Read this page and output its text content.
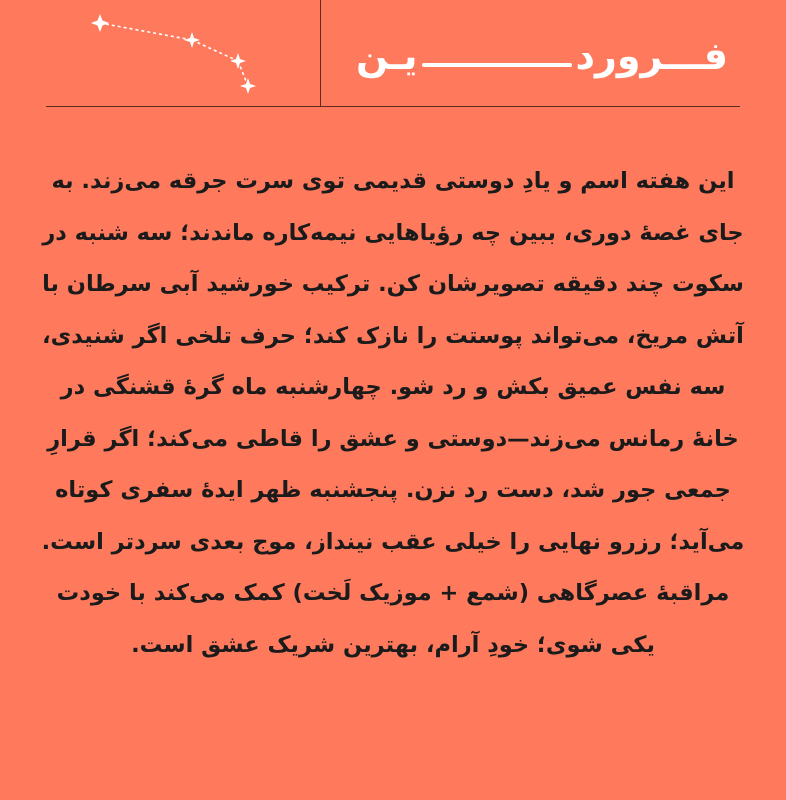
فـــر
ورد
یـن

این هفته اسم و یادِ دوستی قدیمی توی سرت جرقه می‌زند. به جای غصهٔ دوری، ببین چه رؤیاهایی نیمه‌کاره ماندند؛ سه شنبه در سکوت چند دقیقه تصویرشان کن. ترکیب خورشید آبی سرطان با آتش مریخ، می‌تواند پوستت را نازک کند؛ حرف تلخی اگر شنیدی، سه نفس عمیق بکش و رد شو. چهارشنبه ماه گرهٔ قشنگی در خانهٔ رمانس می‌زند—دوستی و عشق را قاطی می‌کند؛ اگر قرارِ جمعی جور شد، دست رد نزن. پنجشنبه ظهر ایدهٔ سفری کوتاه می‌آید؛ رزرو نهایی را خیلی عقب نینداز، موج بعدی سردتر است. مراقبهٔ عصرگاهی (شمع + موزیک لَخت) کمک می‌کند با خودت یکی شوی؛ خودِ آرام، بهترین شریک عشق است.
